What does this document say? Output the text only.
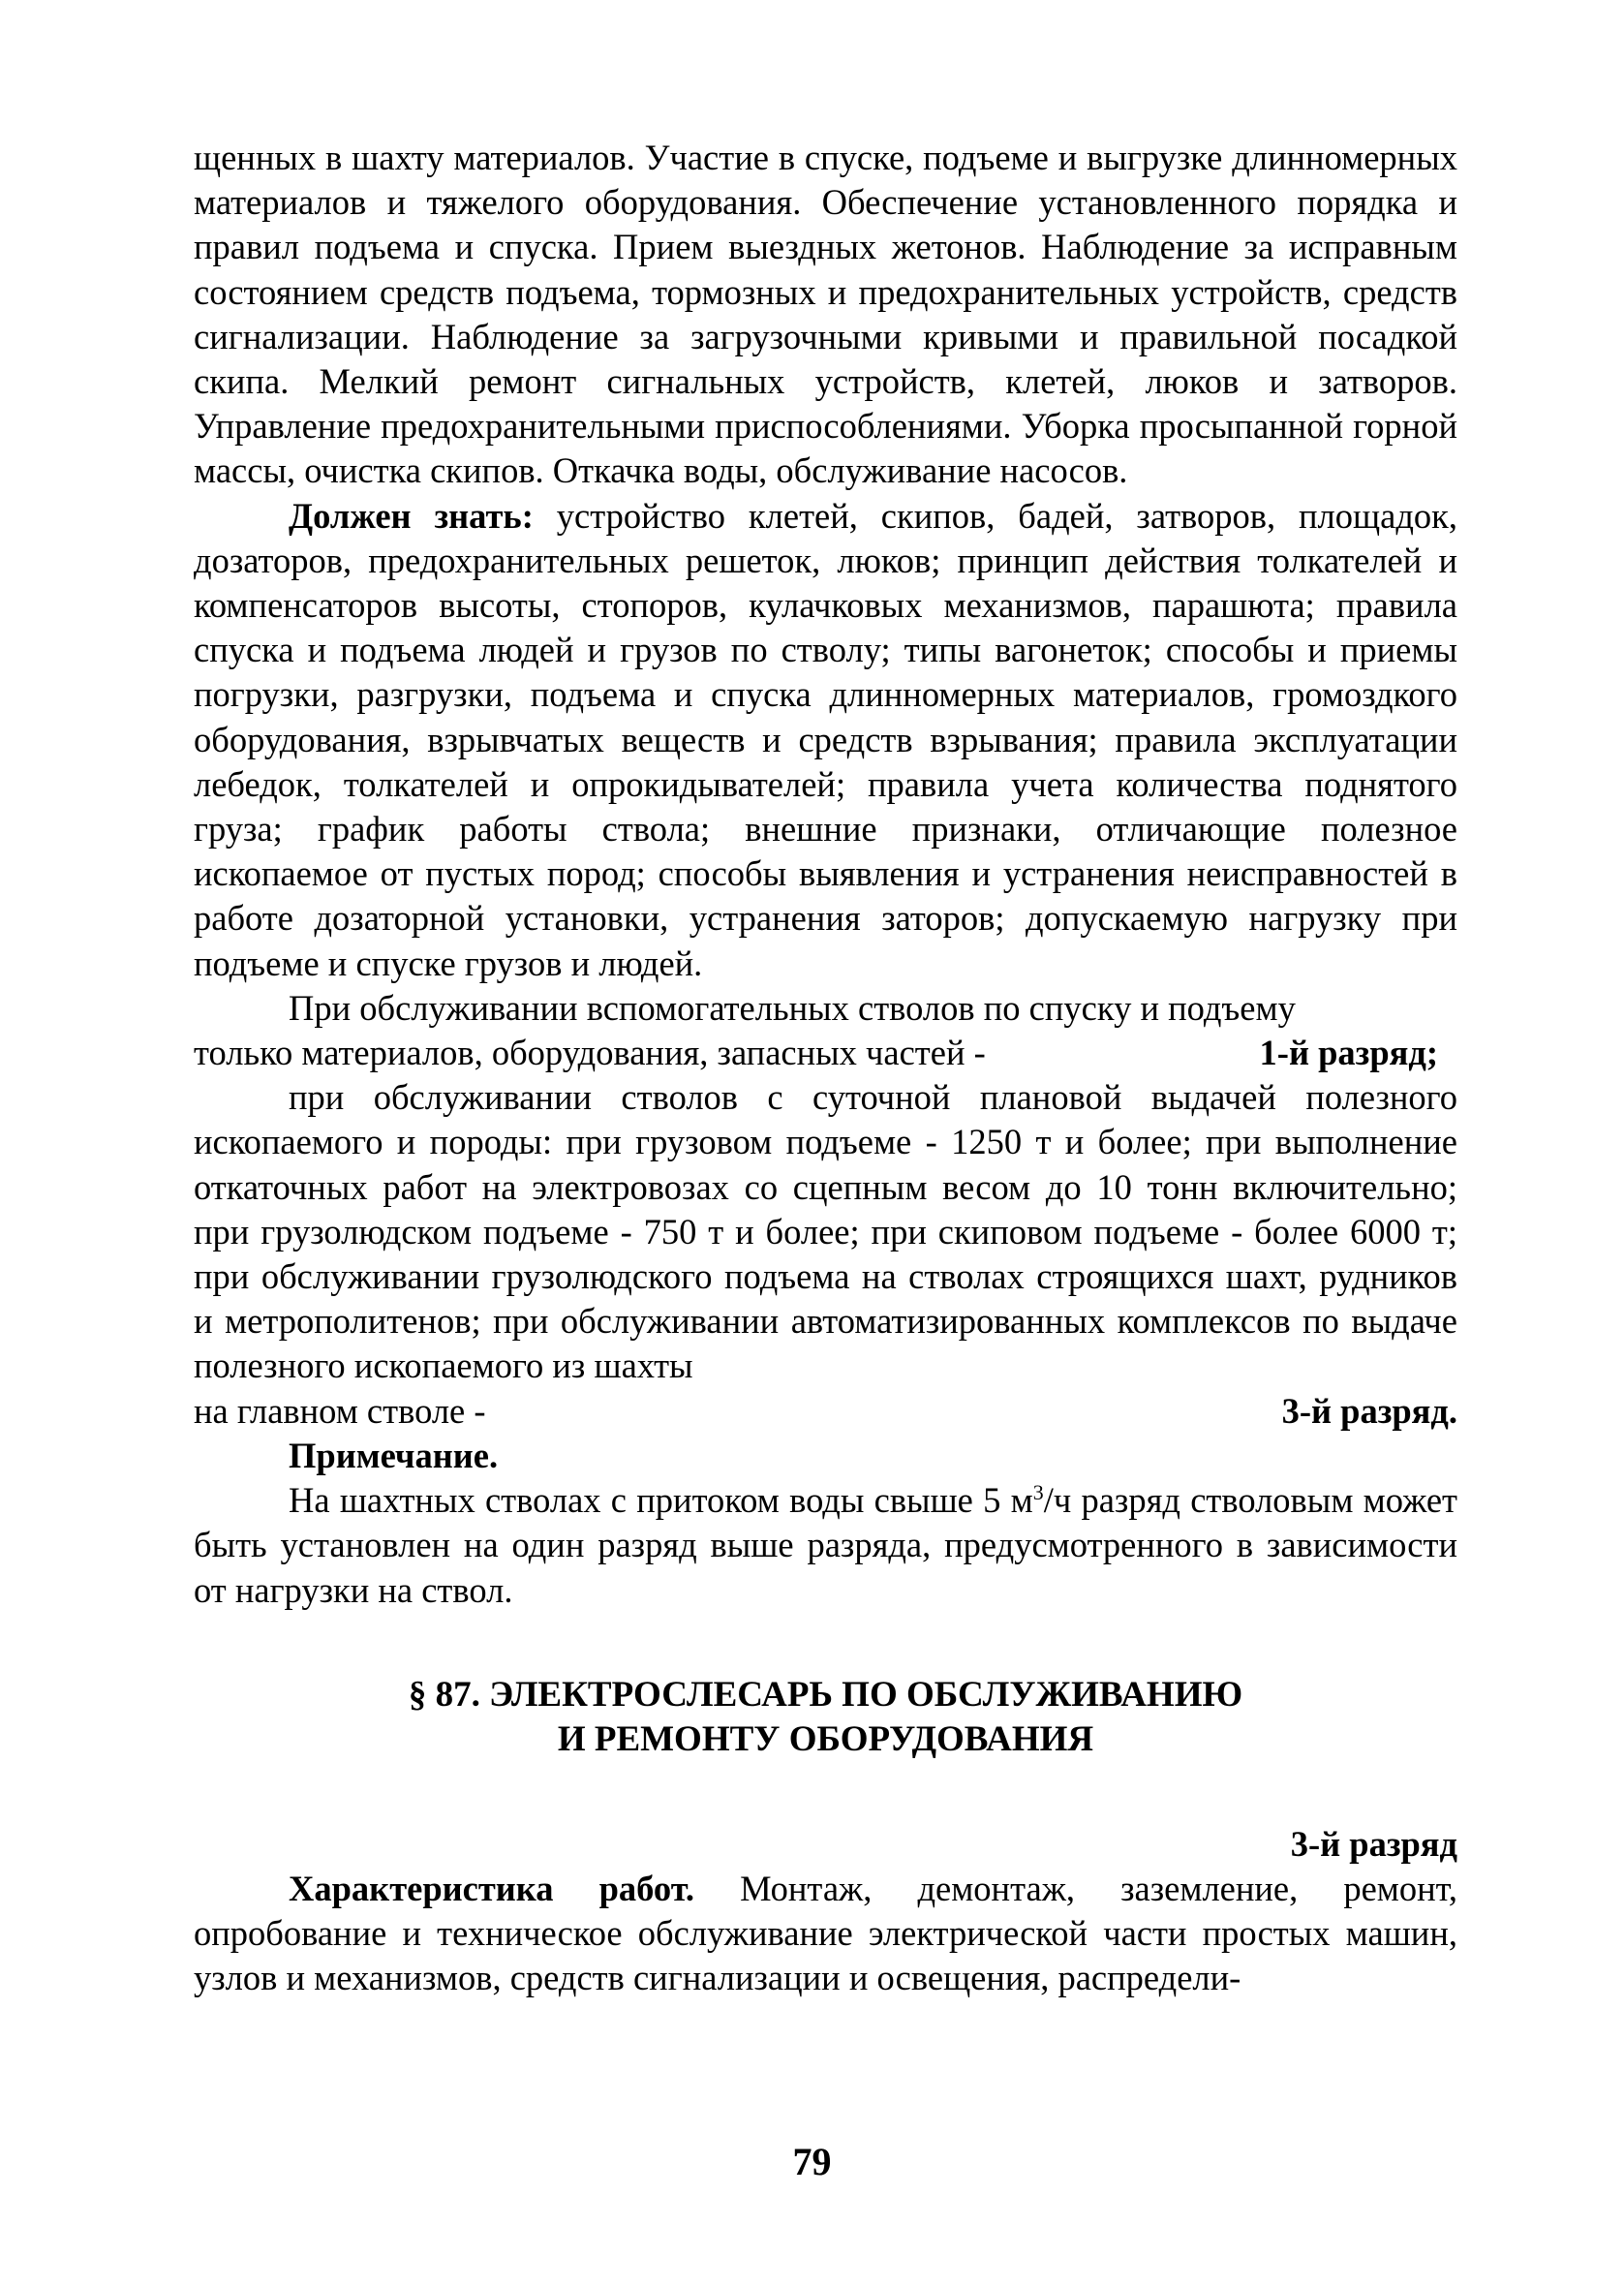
щенных в шахту материалов. Участие в спуске, подъеме и выгрузке длинномерных материалов и тяжелого оборудования. Обеспечение установленного порядка и правил подъема и спуска. Прием выездных жетонов. Наблюдение за исправным состоянием средств подъема, тормозных и предохранительных устройств, средств сигнализации. Наблюдение за загрузочными кривыми и правильной посадкой скипа. Мелкий ремонт сигнальных устройств, клетей, люков и затворов. Управление предохранительными приспособлениями. Уборка просыпанной горной массы, очистка скипов. Откачка воды, обслуживание насосов.

Должен знать: устройство клетей, скипов, бадей, затворов, площадок, дозаторов, предохранительных решеток, люков; принцип действия толкателей и компенсаторов высоты, стопоров, кулачковых механизмов, парашюта; правила спуска и подъема людей и грузов по стволу; типы вагонеток; способы и приемы погрузки, разгрузки, подъема и спуска длинномерных материалов, громоздкого оборудования, взрывчатых веществ и средств взрывания; правила эксплуатации лебедок, толкателей и опрокидывателей; правила учета количества поднятого груза; график работы ствола; внешние признаки, отличающие полезное ископаемое от пустых пород; способы выявления и устранения неисправностей в работе дозаторной установки, устранения заторов; допускаемую нагрузку при подъеме и спуске грузов и людей.

При обслуживании вспомогательных стволов по спуску и подъему

только материалов, оборудования, запасных частей -	1-й разряд;

при обслуживании стволов с суточной плановой выдачей полезного ископаемого и породы: при грузовом подъеме - 1250 т и более; при выполнение откаточных работ на электровозах со сцепным весом до 10 тонн включительно; при грузолюдском подъеме - 750 т и более; при скиповом подъеме - более 6000 т; при обслуживании грузолюдского подъема на стволах строящихся шахт, рудников и метрополитенов; при обслуживании автоматизированных комплексов по выдаче полезного ископаемого из шахты

на главном стволе -	3-й разряд.

Примечание.

На шахтных стволах с притоком воды свыше 5 $м^3/ч$ разряд стволовым может быть установлен на один разряд выше разряда, предусмотренного в зависимости от нагрузки на ствол.

§ 87. ЭЛЕКТРОСЛЕСАРЬ ПО ОБСЛУЖИВАНИЮ
И РЕМОНТУ ОБОРУДОВАНИЯ
3-й разряд

Характеристика работ. Монтаж, демонтаж, заземление, ремонт, опробование и техническое обслуживание электрической части простых машин, узлов и механизмов, средств сигнализации и освещения, распредели-

79
